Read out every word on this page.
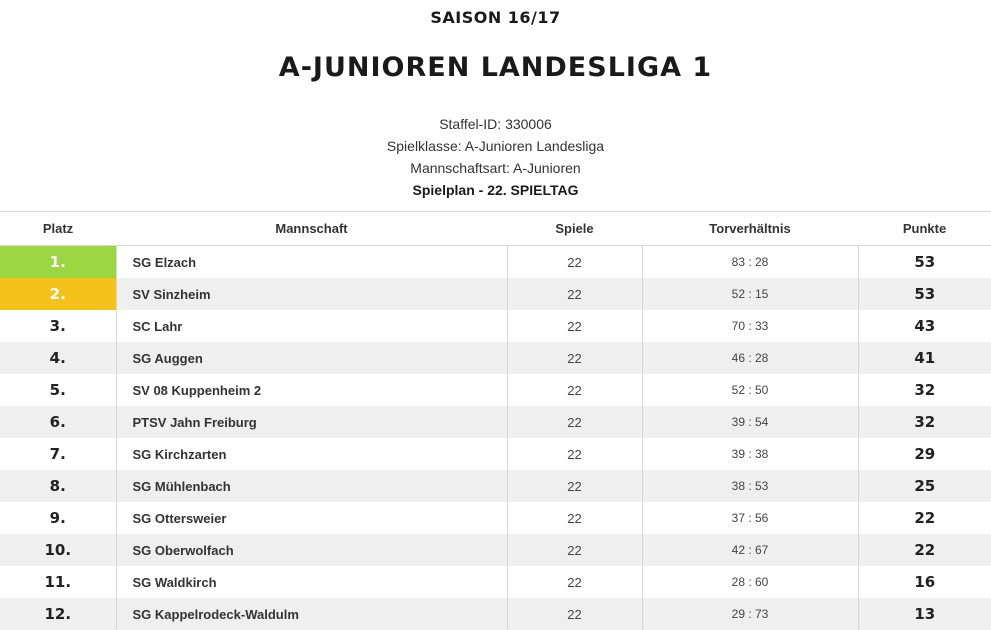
SAISON 16/17
A-JUNIOREN LANDESLIGA 1
Staffel-ID: 330006
Spielklasse: A-Junioren Landesliga
Mannschaftsart: A-Junioren
Spielplan - 22. SPIELTAG
Platz	Mannschaft	Spiele	Torverhältnis	Punkte
1.	SG Elzach	22	83 : 28	53
2.	SV Sinzheim	22	52 : 15	53
3.	SC Lahr	22	70 : 33	43
4.	SG Auggen	22	46 : 28	41
5.	SV 08 Kuppenheim 2	22	52 : 50	32
6.	PTSV Jahn Freiburg	22	39 : 54	32
7.	SG Kirchzarten	22	39 : 38	29
8.	SG Mühlenbach	22	38 : 53	25
9.	SG Ottersweier	22	37 : 56	22
10.	SG Oberwolfach	22	42 : 67	22
11.	SG Waldkirch	22	28 : 60	16
12.	SG Kappelrodeck-Waldulm	22	29 : 73	13
